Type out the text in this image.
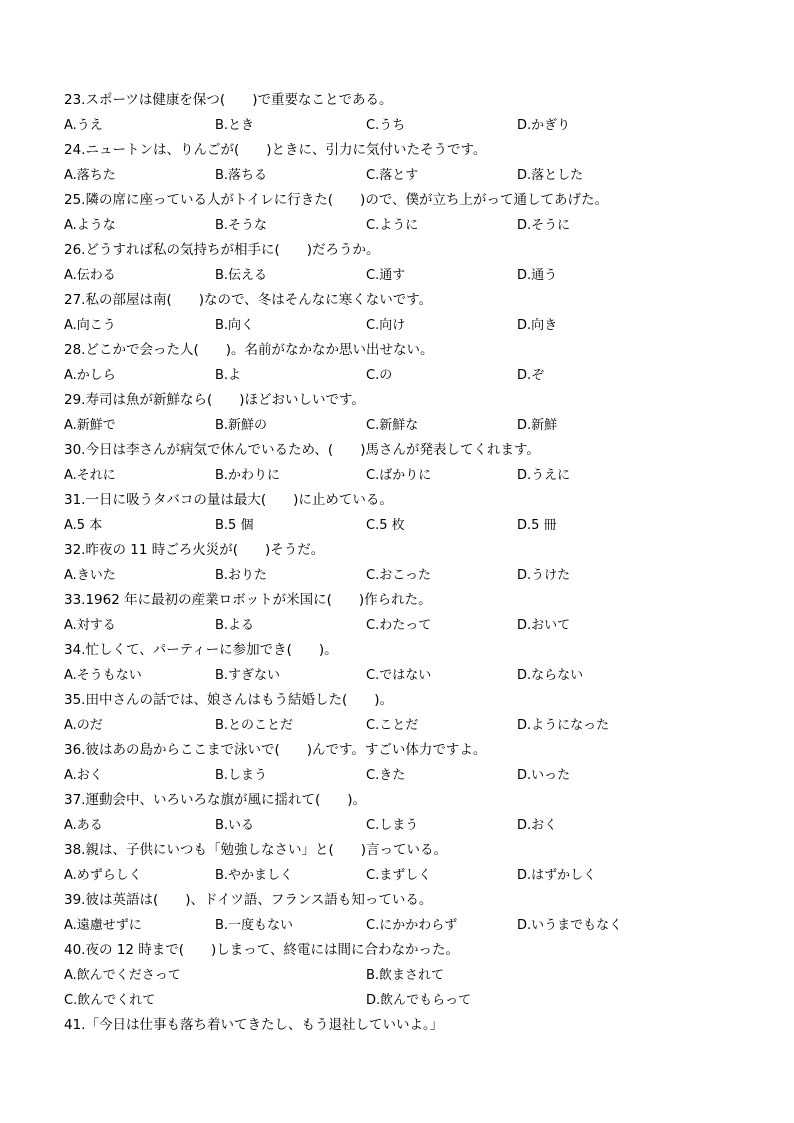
23.スポーツは健康を保つ(　　)で重要なことである。
A.うえ	B.とき	C.うち	D.かぎり
24.ニュートンは、りんごが(　　)ときに、引力に気付いたそうです。
A.落ちた	B.落ちる	C.落とす	D.落とした
25.隣の席に座っている人がトイレに行きた(　　)ので、僕が立ち上がって通してあげた。
A.ような	B.そうな	C.ように	D.そうに
26.どうすれば私の気持ちが相手に(　　)だろうか。
A.伝わる	B.伝える	C.通す	D.通う
27.私の部屋は南(　　)なので、冬はそんなに寒くないです。
A.向こう	B.向く	C.向け	D.向き
28.どこかで会った人(　　)。名前がなかなか思い出せない。
A.かしら	B.よ	C.の	D.ぞ
29.寿司は魚が新鮮なら(　　)ほどおいしいです。
A.新鮮で	B.新鮮の	C.新鮮な	D.新鮮
30.今日は李さんが病気で休んでいるため、(　　)馬さんが発表してくれます。
A.それに	B.かわりに	C.ばかりに	D.うえに
31.一日に吸うタバコの量は最大(　　)に止めている。
A.5 本	B.5 個	C.5 枚	D.5 冊
32.昨夜の 11 時ごろ火災が(　　)そうだ。
A.きいた	B.おりた	C.おこった	D.うけた
33.1962 年に最初の産業ロボットが米国に(　　)作られた。
A.対する	B.よる	C.わたって	D.おいて
34.忙しくて、パーティーに参加でき(　　)。
A.そうもない	B.すぎない	C.ではない	D.ならない
35.田中さんの話では、娘さんはもう結婚した(　　)。
A.のだ	B.とのことだ	C.ことだ	D.ようになった
36.彼はあの島からここまで泳いで(　　)んです。すごい体力ですよ。
A.おく	B.しまう	C.きた	D.いった
37.運動会中、いろいろな旗が風に揺れて(　　)。
A.ある	B.いる	C.しまう	D.おく
38.親は、子供にいつも「勉強しなさい」と(　　)言っている。
A.めずらしく	B.やかましく	C.まずしく	D.はずかしく
39.彼は英語は(　　)、ドイツ語、フランス語も知っている。
A.遠慮せずに	B.一度もない	C.にかかわらず	D.いうまでもなく
40.夜の 12 時まで(　　)しまって、終電には間に合わなかった。
A.飲んでくださって	B.飲まされて
C.飲んでくれて	D.飲んでもらって
41.「今日は仕事も落ち着いてきたし、もう退社していいよ。」
